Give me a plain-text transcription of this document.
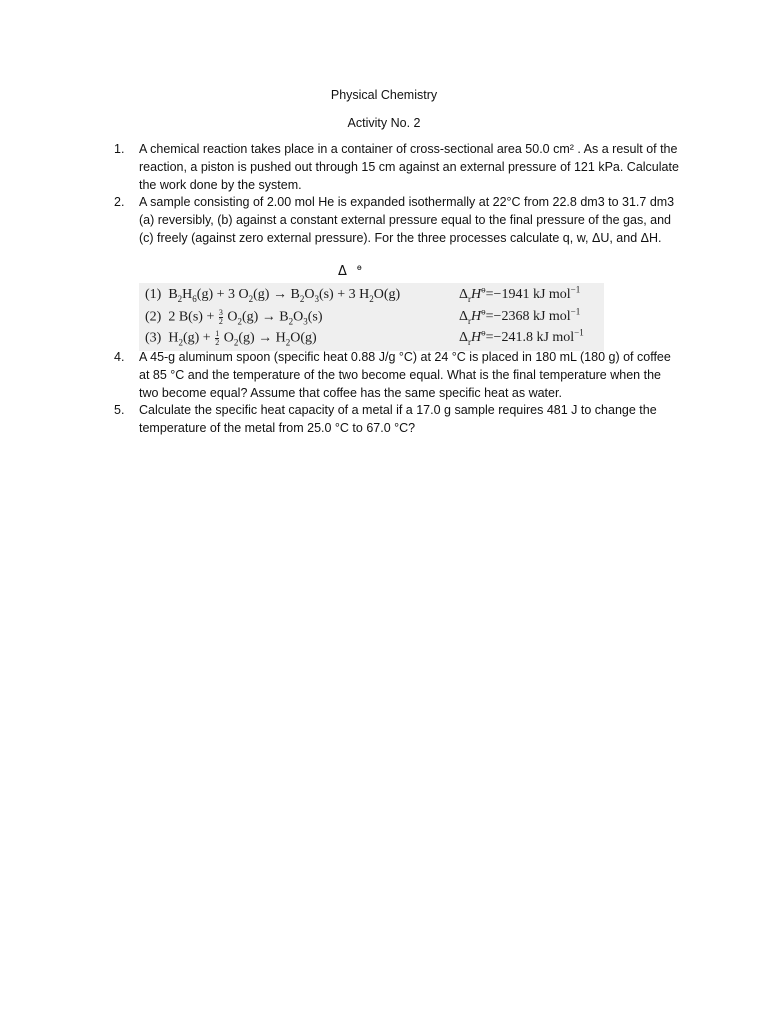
Physical Chemistry
Activity No. 2
1. A chemical reaction takes place in a container of cross-sectional area 50.0 cm² . As a result of the reaction, a piston is pushed out through 15 cm against an external pressure of 121 kPa. Calculate the work done by the system.
2. A sample consisting of 2.00 mol He is expanded isothermally at 22°C from 22.8 dm3 to 31.7 dm3 (a) reversibly, (b) against a constant external pressure equal to the final pressure of the gas, and (c) freely (against zero external pressure). For the three processes calculate q, w, ΔU, and ΔH.
Δ $^ɵ$
(1)  $B_2H_6(g) + 3$ $O_2(g) \to B_2O_3(s) + 3$ $H_2O(g)$	$\Delta_rH^ɵ=-1941$ kJ mol$^{-1}$
(2)  2 $B(s) + \frac{3}{2} O_2(g) \to B_2O_3(s)$	$\Delta_rH^ɵ=-2368$ kJ mol$^{-1}$
(3)  $H_2(g) + \frac{1}{2} O_2(g) \to H_2O(g)$	$\Delta_rH^ɵ=-241.8$ kJ mol$^{-1}$
4. A 45-g aluminum spoon (specific heat 0.88 J/g °C) at 24 °C is placed in 180 mL (180 g) of coffee at 85 °C and the temperature of the two become equal. What is the final temperature when the two become equal? Assume that coffee has the same specific heat as water.
5. Calculate the specific heat capacity of a metal if a 17.0 g sample requires 481 J to change the temperature of the metal from 25.0 °C to 67.0 °C?
